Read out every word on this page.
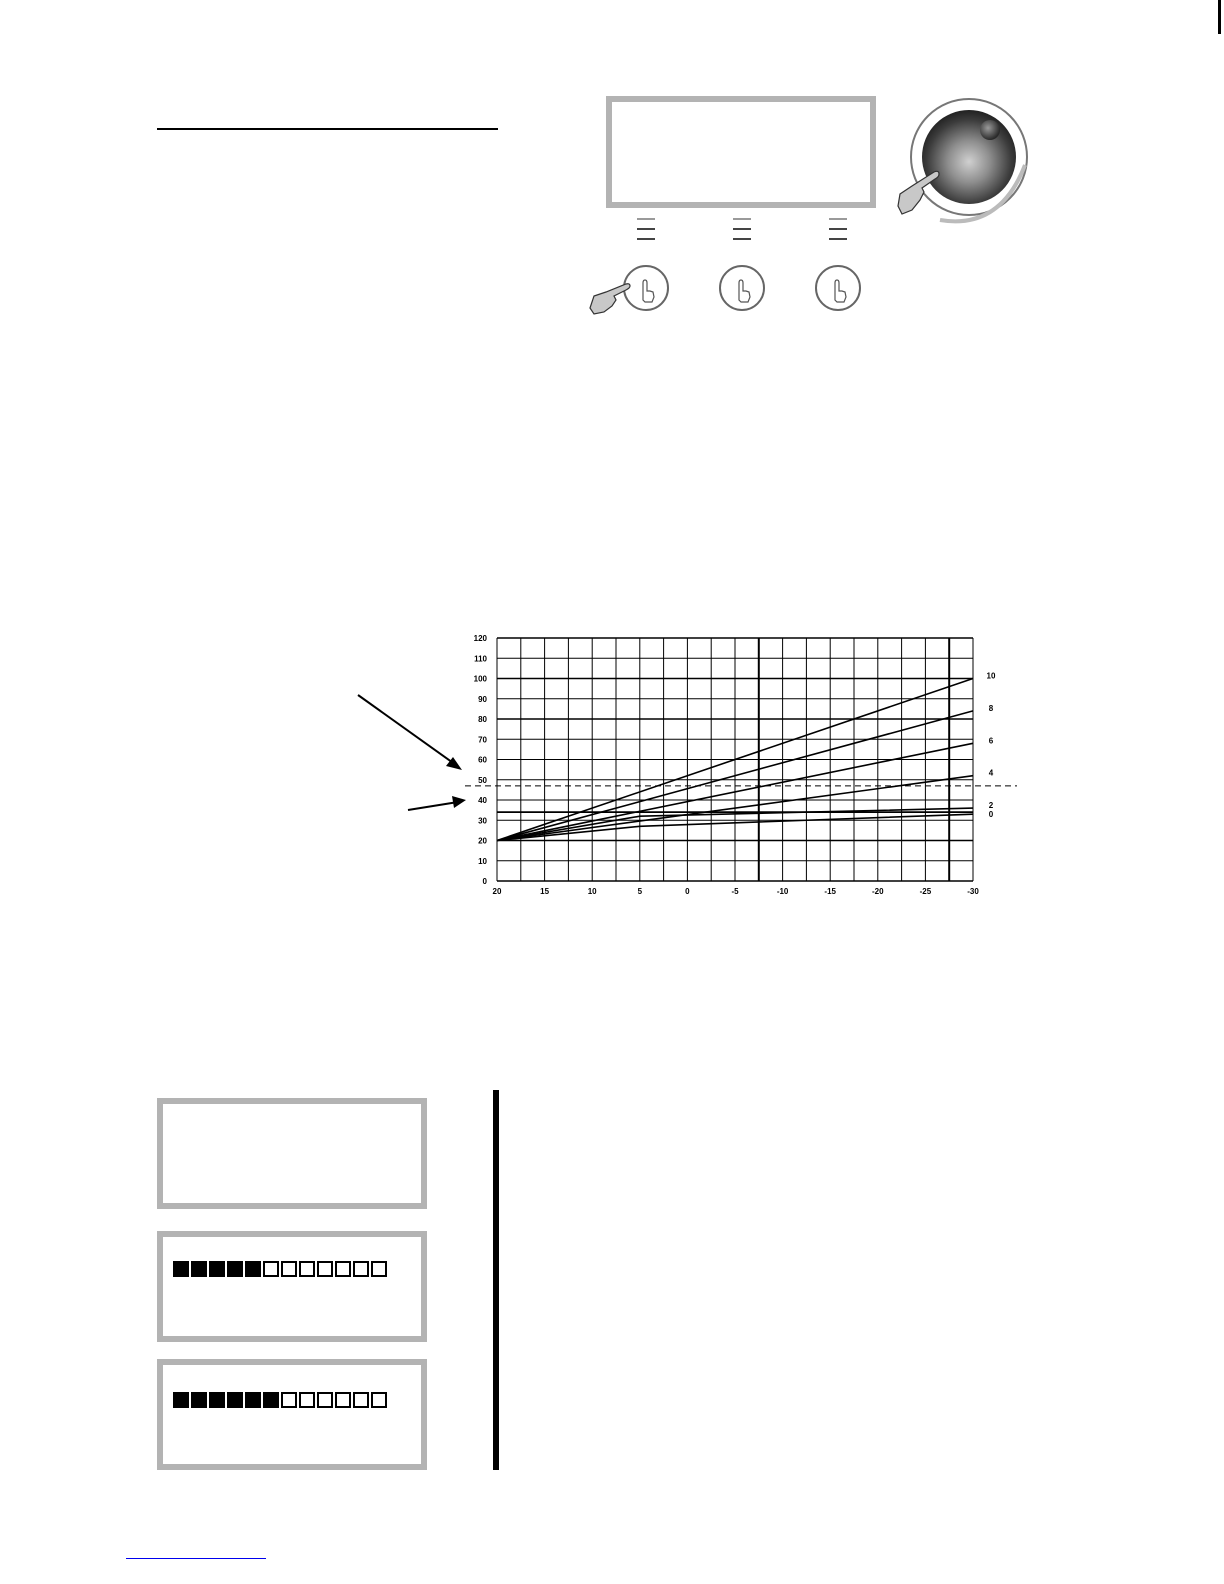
0
10
20
30
40
50
60
70
80
90
100
110
120
20	15	10	5	0	-5	-10	-15	-20	-25	-30
10
8
6
4
2
0
